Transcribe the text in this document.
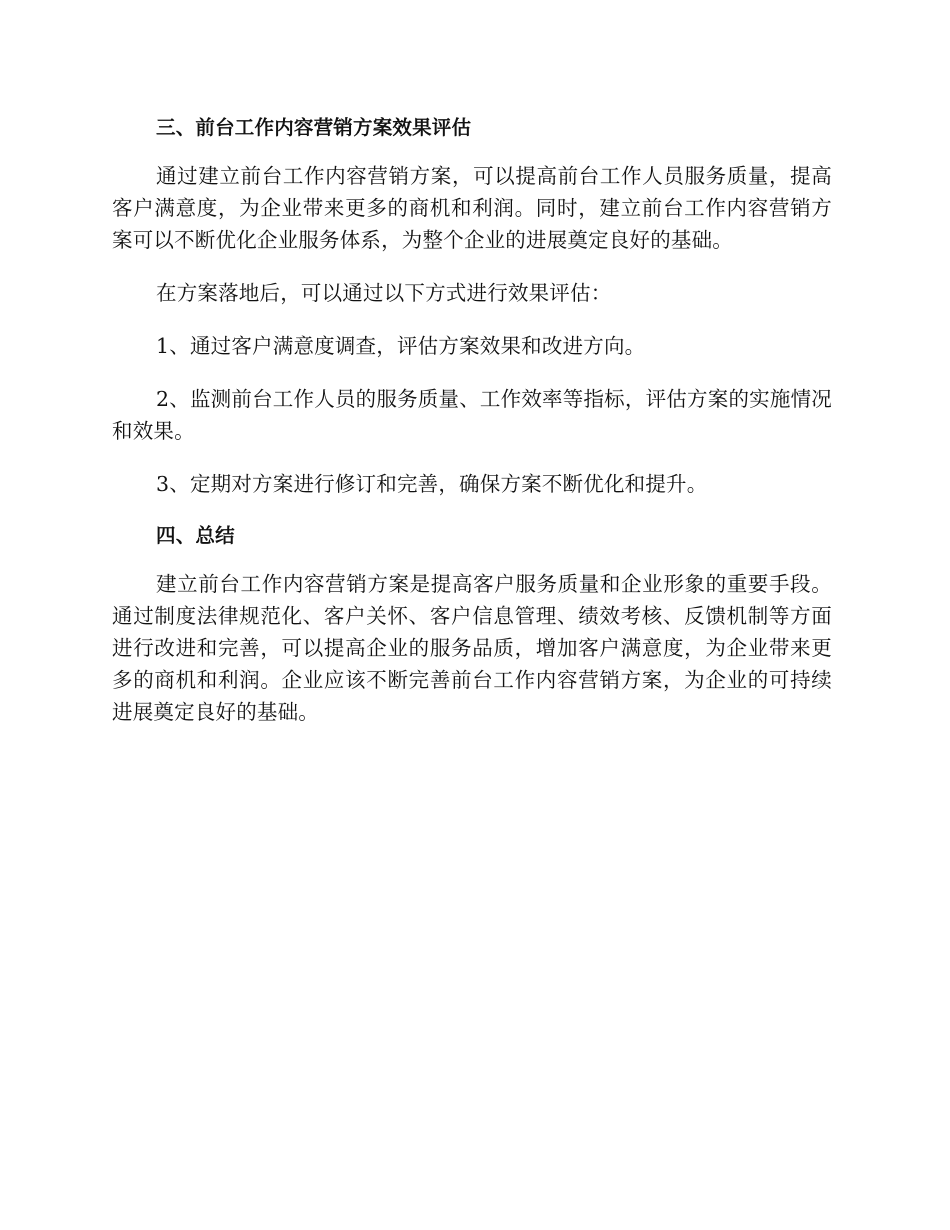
三、前台工作内容营销方案效果评估

通过建立前台工作内容营销方案，可以提高前台工作人员服务质量，提高客户满意度，为企业带来更多的商机和利润。同时，建立前台工作内容营销方案可以不断优化企业服务体系，为整个企业的进展奠定良好的基础。

在方案落地后，可以通过以下方式进行效果评估：

1、通过客户满意度调查，评估方案效果和改进方向。

2、监测前台工作人员的服务质量、工作效率等指标，评估方案的实施情况和效果。

3、定期对方案进行修订和完善，确保方案不断优化和提升。

四、总结

建立前台工作内容营销方案是提高客户服务质量和企业形象的重要手段。通过制度法律规范化、客户关怀、客户信息管理、绩效考核、反馈机制等方面进行改进和完善，可以提高企业的服务品质，增加客户满意度，为企业带来更多的商机和利润。企业应该不断完善前台工作内容营销方案，为企业的可持续进展奠定良好的基础。
